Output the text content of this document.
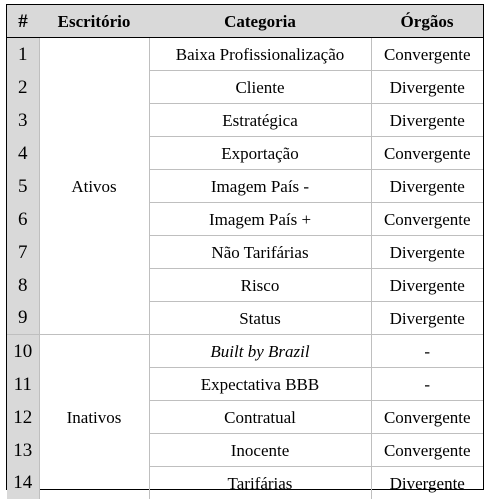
#	Escritório	Categoria	Órgãos
1	Ativos	Baixa Profissionalização	Convergente
2		Cliente	Divergente
3		Estratégica	Divergente
4		Exportação	Convergente
5		Imagem País -	Divergente
6		Imagem País +	Convergente
7		Não Tarifárias	Divergente
8		Risco	Divergente
9		Status	Divergente
10	Inativos	Built by Brazil	-
11		Expectativa BBB	-
12		Contratual	Convergente
13		Inocente	Convergente
14		Tarifárias	Divergente
